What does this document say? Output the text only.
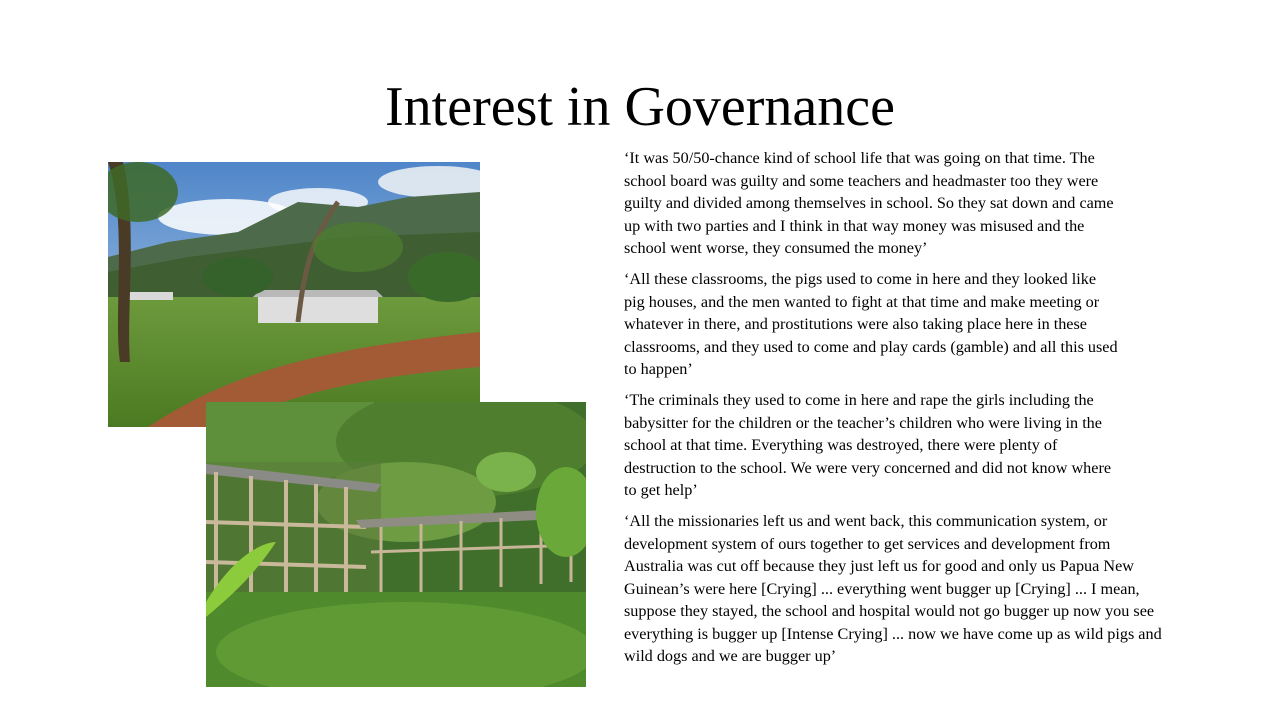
Interest in Governance

‘It was 50/50-chance kind of school life that was going on that time. The
school board was guilty and some teachers and headmaster too they were
guilty and divided among themselves in school. So they sat down and came
up with two parties and I think in that way money was misused and the
school went worse, they consumed the money’

‘All these classrooms, the pigs used to come in here and they looked like
pig houses, and the men wanted to fight at that time and make meeting or
whatever in there, and prostitutions were also taking place here in these
classrooms, and they used to come and play cards (gamble) and all this used
to happen’

‘The criminals they used to come in here and rape the girls including the
babysitter for the children or the teacher’s children who were living in the
school at that time. Everything was destroyed, there were plenty of
destruction to the school. We were very concerned and did not know where
to get help’

‘All the missionaries left us and went back, this communication system, or
development system of ours together to get services and development from
Australia was cut off because they just left us for good and only us Papua New
Guinean’s were here [Crying] ... everything went bugger up [Crying] ... I mean,
suppose they stayed, the school and hospital would not go bugger up now you see
everything is bugger up [Intense Crying] ... now we have come up as wild pigs and
wild dogs and we are bugger up’
